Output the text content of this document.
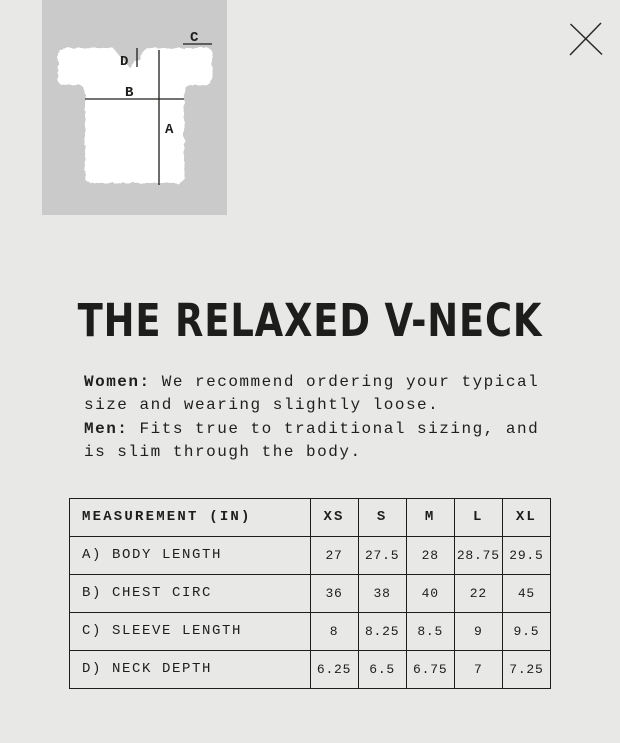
A
B
C
D
THE RELAXED V-NECK

Women: We recommend ordering your typical size and wearing slightly loose.

Men: Fits true to traditional sizing, and is slim through the body.

MEASUREMENT (IN)	XS	S	M	L	XL
A) BODY LENGTH	27	27.5	28	28.75	29.5
B) CHEST CIRC	36	38	40	22	45
C) SLEEVE LENGTH	8	8.25	8.5	9	9.5
D) NECK DEPTH	6.25	6.5	6.75	7	7.25
